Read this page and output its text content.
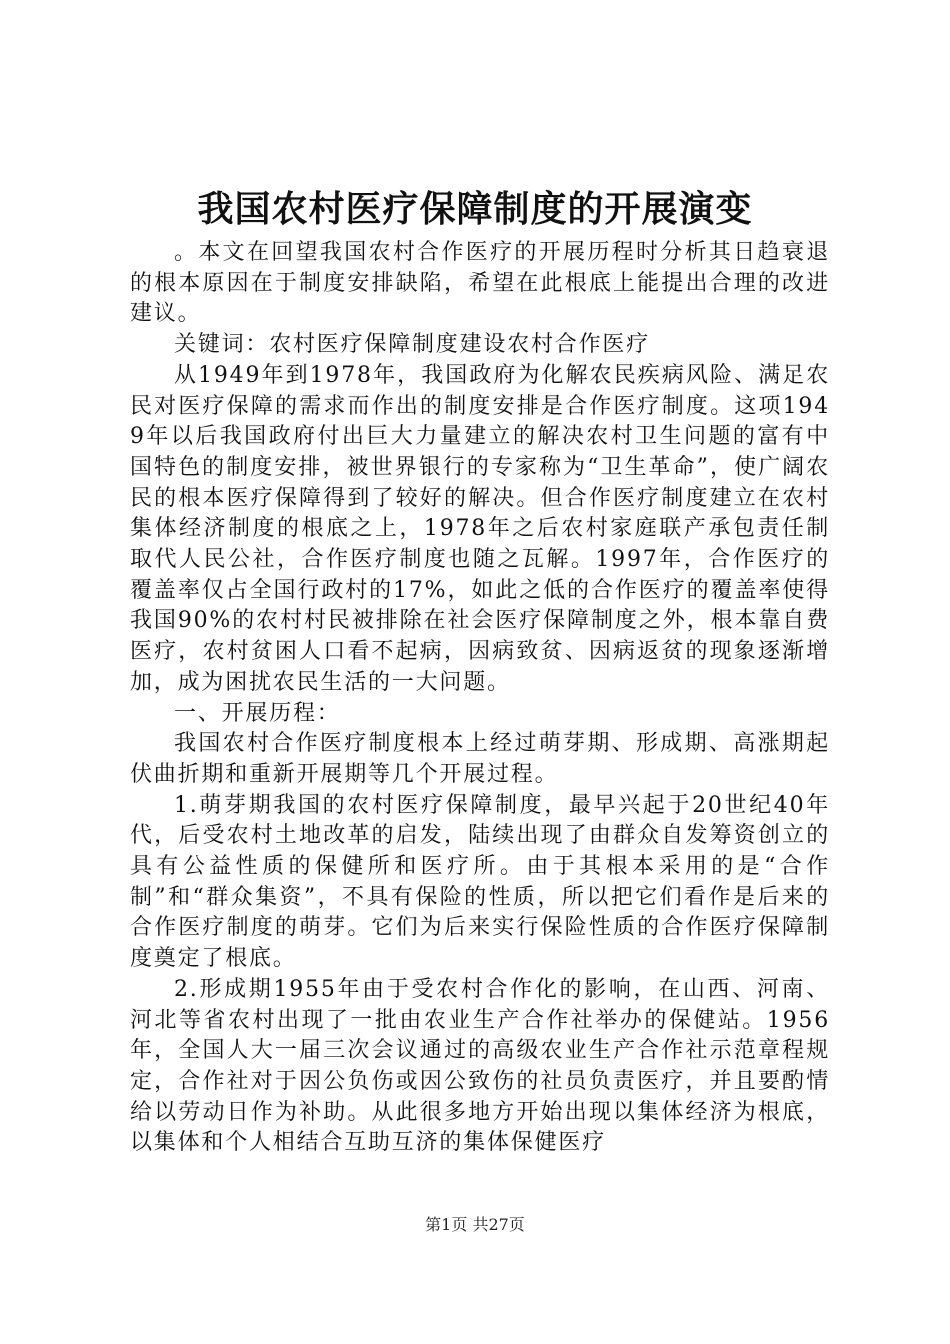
我国农村医疗保障制度的开展演变

。本文在回望我国农村合作医疗的开展历程时分析其日趋衰退的根本原因在于制度安排缺陷，希望在此根底上能提出合理的改进建议。

关键词：农村医疗保障制度建设农村合作医疗

从1949年到1978年，我国政府为化解农民疾病风险、满足农民对医疗保障的需求而作出的制度安排是合作医疗制度。这项1949年以后我国政府付出巨大力量建立的解决农村卫生问题的富有中国特色的制度安排，被世界银行的专家称为“卫生革命”，使广阔农民的根本医疗保障得到了较好的解决。但合作医疗制度建立在农村集体经济制度的根底之上，1978年之后农村家庭联产承包责任制取代人民公社，合作医疗制度也随之瓦解。1997年，合作医疗的覆盖率仅占全国行政村的17%，如此之低的合作医疗的覆盖率使得我国90%的农村村民被排除在社会医疗保障制度之外，根本靠自费医疗，农村贫困人口看不起病，因病致贫、因病返贫的现象逐渐增加，成为困扰农民生活的一大问题。

一、开展历程：

我国农村合作医疗制度根本上经过萌芽期、形成期、高涨期起伏曲折期和重新开展期等几个开展过程。

1.萌芽期我国的农村医疗保障制度，最早兴起于20世纪40年代，后受农村土地改革的启发，陆续出现了由群众自发筹资创立的具有公益性质的保健所和医疗所。由于其根本采用的是“合作制”和“群众集资”，不具有保险的性质，所以把它们看作是后来的合作医疗制度的萌芽。它们为后来实行保险性质的合作医疗保障制度奠定了根底。

2.形成期1955年由于受农村合作化的影响，在山西、河南、河北等省农村出现了一批由农业生产合作社举办的保健站。1956年，全国人大一届三次会议通过的高级农业生产合作社示范章程规定，合作社对于因公负伤或因公致伤的社员负责医疗，并且要酌情给以劳动日作为补助。从此很多地方开始出现以集体经济为根底，以集体和个人相结合互助互济的集体保健医疗

第1页 共27页
